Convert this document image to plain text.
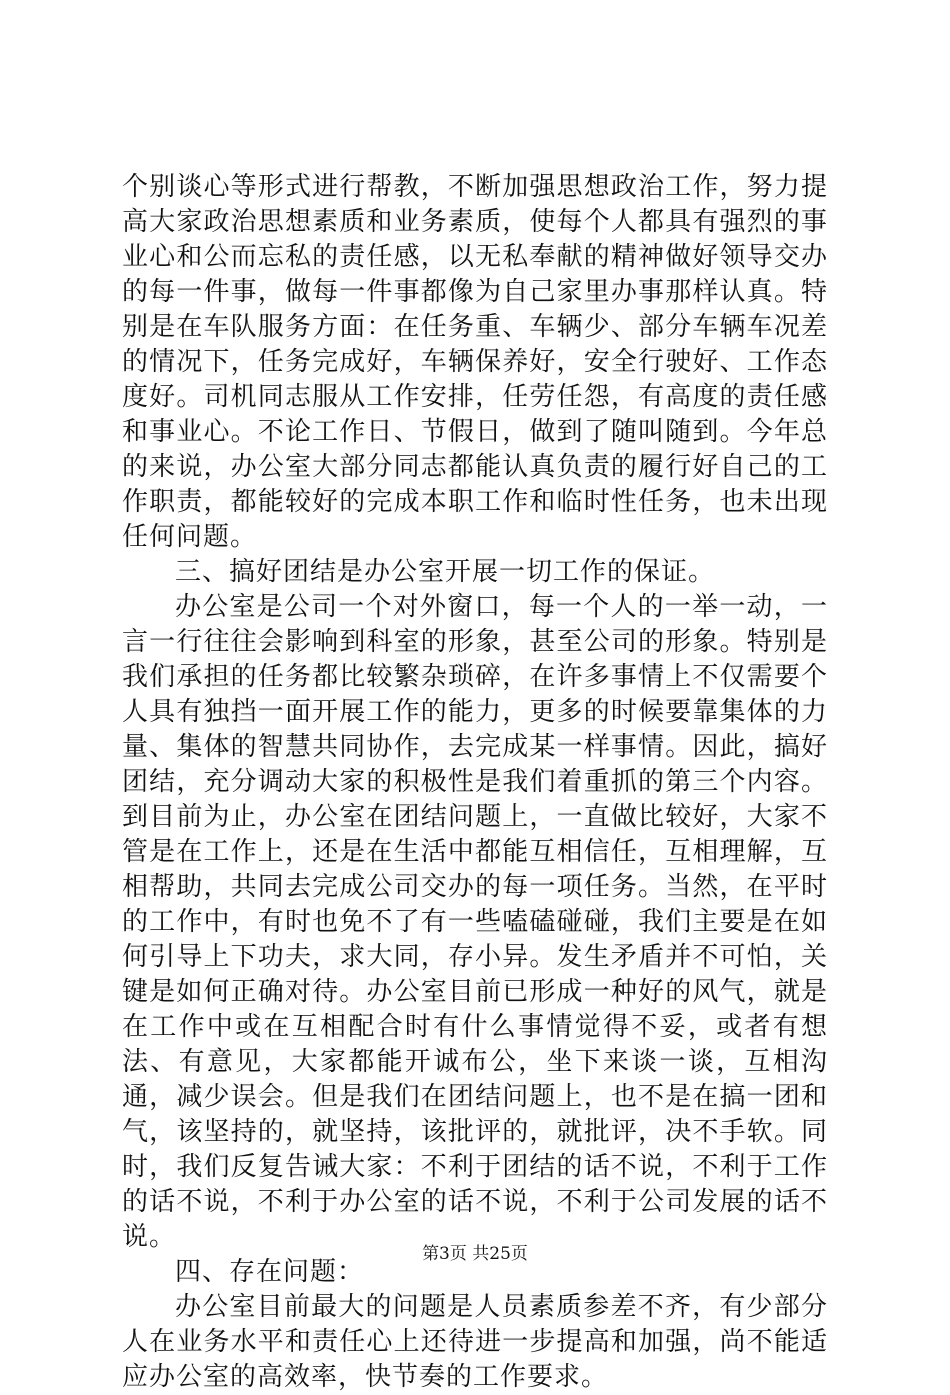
个别谈心等形式进行帮教，不断加强思想政治工作，努力提高大家政治思想素质和业务素质，使每个人都具有强烈的事业心和公而忘私的责任感，以无私奉献的精神做好领导交办的每一件事，做每一件事都像为自己家里办事那样认真。特别是在车队服务方面：在任务重、车辆少、部分车辆车况差的情况下，任务完成好，车辆保养好，安全行驶好、工作态度好。司机同志服从工作安排，任劳任怨，有高度的责任感和事业心。不论工作日、节假日，做到了随叫随到。今年总的来说，办公室大部分同志都能认真负责的履行好自己的工作职责，都能较好的完成本职工作和临时性任务，也未出现任何问题。

三、搞好团结是办公室开展一切工作的保证。

办公室是公司一个对外窗口，每一个人的一举一动，一言一行往往会影响到科室的形象，甚至公司的形象。特别是我们承担的任务都比较繁杂琐碎，在许多事情上不仅需要个人具有独挡一面开展工作的能力，更多的时候要靠集体的力量、集体的智慧共同协作，去完成某一样事情。因此，搞好团结，充分调动大家的积极性是我们着重抓的第三个内容。到目前为止，办公室在团结问题上，一直做比较好，大家不管是在工作上，还是在生活中都能互相信任，互相理解，互相帮助，共同去完成公司交办的每一项任务。当然，在平时的工作中，有时也免不了有一些嗑磕碰碰，我们主要是在如何引导上下功夫，求大同，存小异。发生矛盾并不可怕，关键是如何正确对待。办公室目前已形成一种好的风气，就是在工作中或在互相配合时有什么事情觉得不妥，或者有想法、有意见，大家都能开诚布公，坐下来谈一谈，互相沟通，减少误会。但是我们在团结问题上，也不是在搞一团和气，该坚持的，就坚持，该批评的，就批评，决不手软。同时，我们反复告诫大家：不利于团结的话不说，不利于工作的话不说，不利于办公室的话不说，不利于公司发展的话不说。

四、存在问题：

办公室目前最大的问题是人员素质参差不齐，有少部分人在业务水平和责任心上还待进一步提高和加强，尚不能适应办公室的高效率，快节奏的工作要求。

第3页 共25页
